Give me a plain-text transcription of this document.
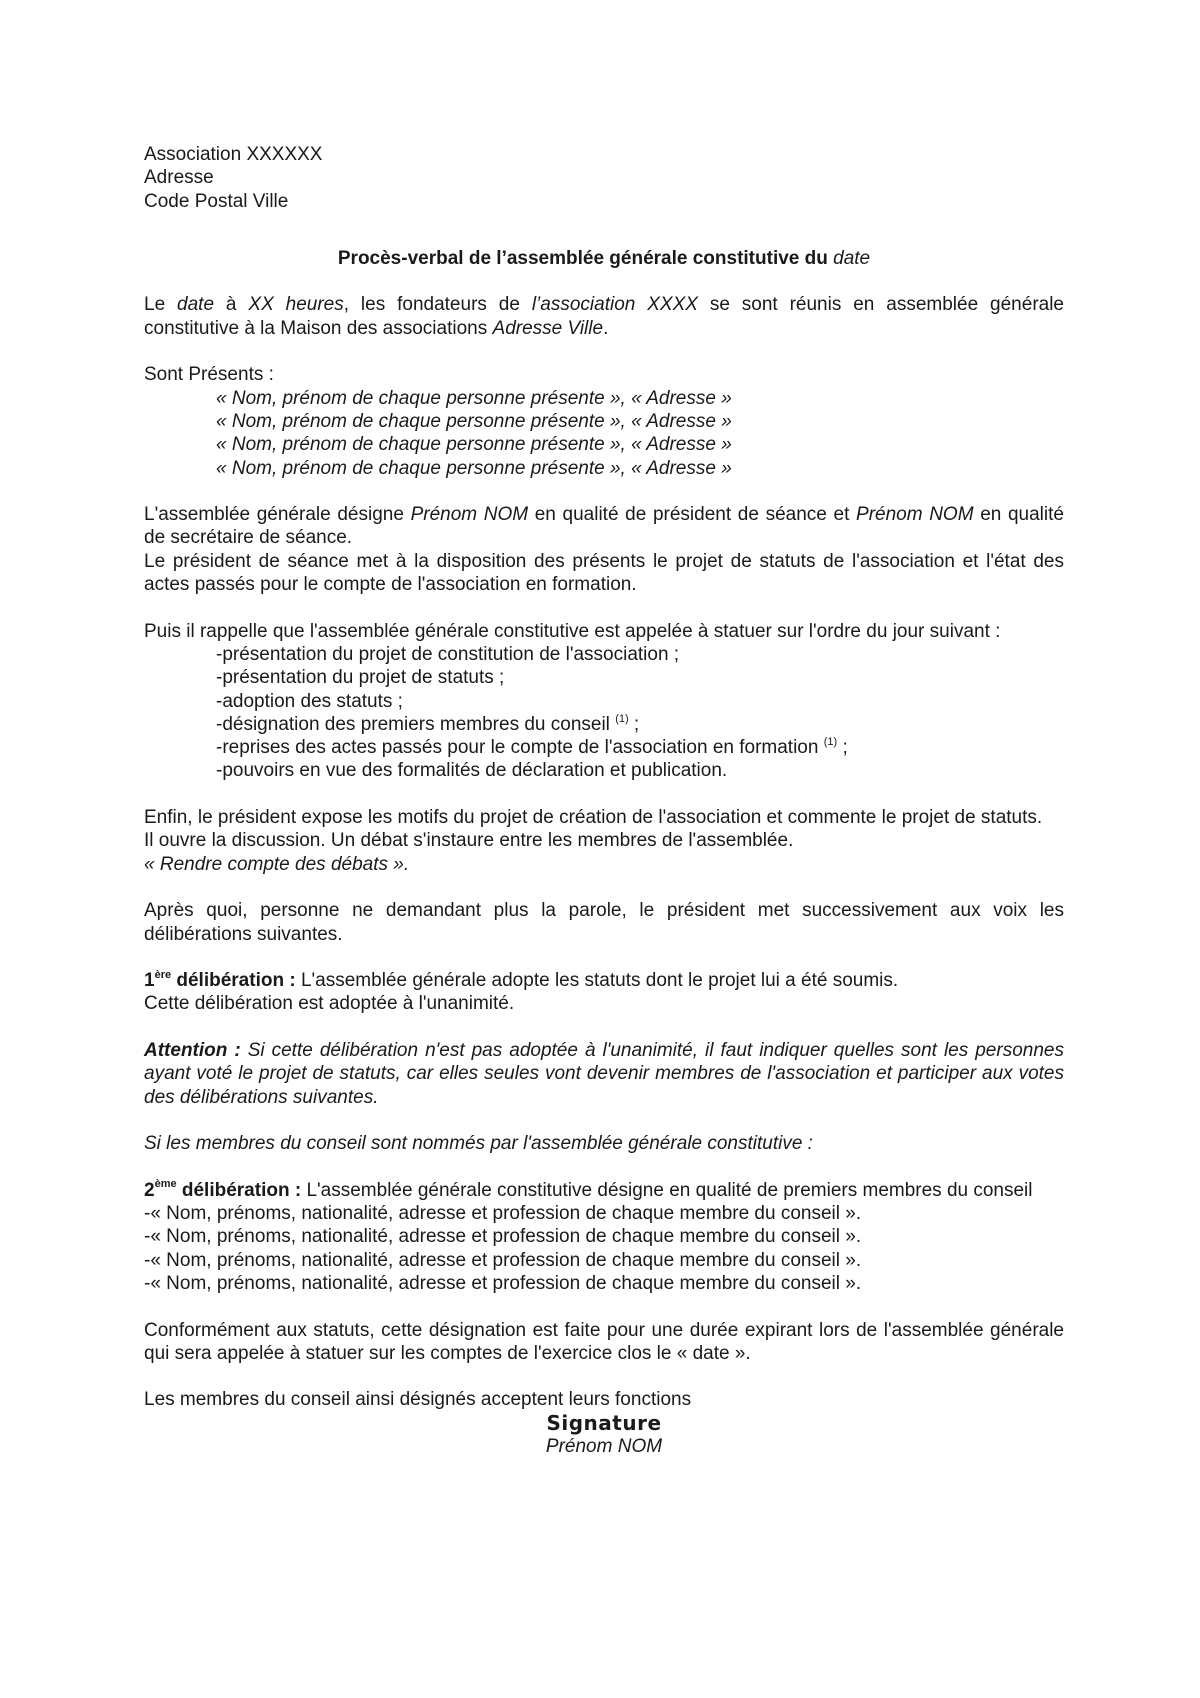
Association XXXXXX

Adresse

Code Postal Ville

Procès-verbal de l’assemblée générale constitutive du date

Le date à XX heures, les fondateurs de l’association XXXX se sont réunis en assemblée générale constitutive à la Maison des associations Adresse Ville.

Sont Présents :

« Nom, prénom de chaque personne présente », « Adresse »

« Nom, prénom de chaque personne présente », « Adresse »

« Nom, prénom de chaque personne présente », « Adresse »

« Nom, prénom de chaque personne présente », « Adresse »

L'assemblée générale désigne Prénom NOM en qualité de président de séance et Prénom NOM en qualité de secrétaire de séance.

Le président de séance met à la disposition des présents le projet de statuts de l'association et l'état des actes passés pour le compte de l'association en formation.

Puis il rappelle que l'assemblée générale constitutive est appelée à statuer sur l'ordre du jour suivant :

-présentation du projet de constitution de l'association ;

-présentation du projet de statuts ;

-adoption des statuts ;

-désignation des premiers membres du conseil $^{(1)}$ ;

-reprises des actes passés pour le compte de l'association en formation $^{(1)}$ ;

-pouvoirs en vue des formalités de déclaration et publication.

Enfin, le président expose les motifs du projet de création de l'association et commente le projet de statuts.

Il ouvre la discussion. Un débat s'instaure entre les membres de l'assemblée.

« Rendre compte des débats ».

Après quoi, personne ne demandant plus la parole, le président met successivement aux voix les délibérations suivantes.

1ère délibération : L'assemblée générale adopte les statuts dont le projet lui a été soumis.

Cette délibération est adoptée à l'unanimité.

Attention : Si cette délibération n'est pas adoptée à l'unanimité, il faut indiquer quelles sont les personnes ayant voté le projet de statuts, car elles seules vont devenir membres de l'association et participer aux votes des délibérations suivantes.

Si les membres du conseil sont nommés par l'assemblée générale constitutive :

2ème délibération : L'assemblée générale constitutive désigne en qualité de premiers membres du conseil

-« Nom, prénoms, nationalité, adresse et profession de chaque membre du conseil ».

-« Nom, prénoms, nationalité, adresse et profession de chaque membre du conseil ».

-« Nom, prénoms, nationalité, adresse et profession de chaque membre du conseil ».

-« Nom, prénoms, nationalité, adresse et profession de chaque membre du conseil ».

Conformément aux statuts, cette désignation est faite pour une durée expirant lors de l'assemblée générale qui sera appelée à statuer sur les comptes de l'exercice clos le « date ».

Les membres du conseil ainsi désignés acceptent leurs fonctions

Signature

Prénom NOM
